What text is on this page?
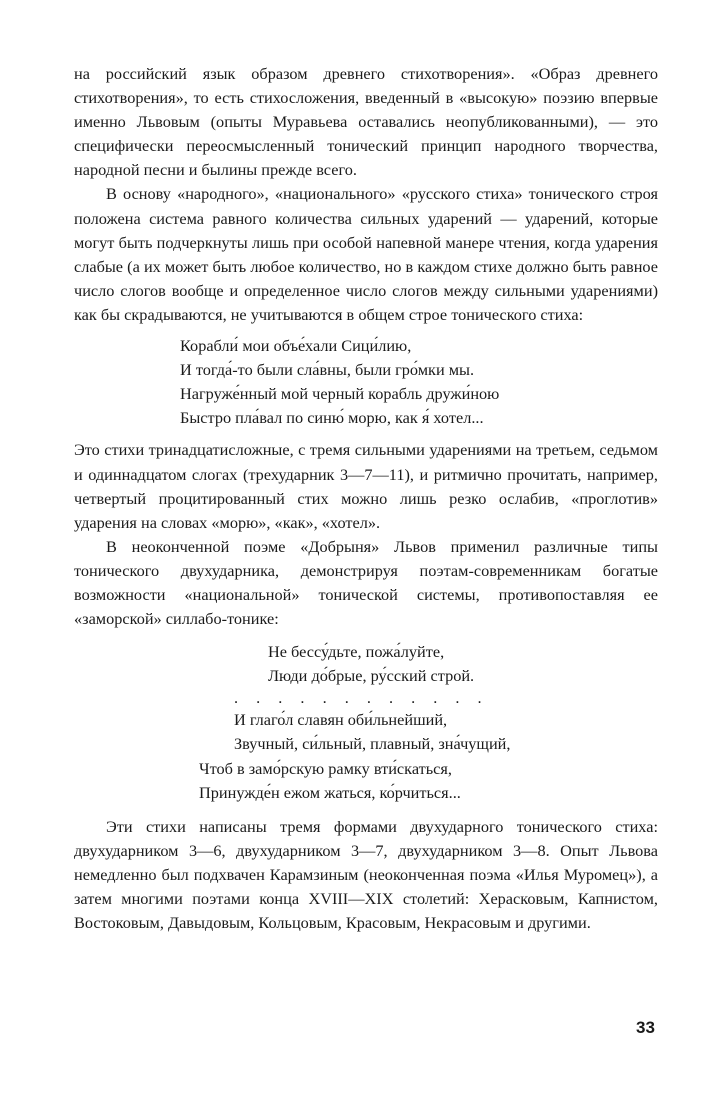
на российский язык образом древнего стихотворения». «Образ древнего стихотворения», то есть стихосложения, введенный в «высокую» поэзию впервые именно Львовым (опыты Муравьева оставались неопубликованными), — это специфически переосмысленный тонический принцип народного творчества, народной песни и былины прежде всего.

В основу «народного», «национального» «русского стиха» тонического строя положена система равного количества сильных ударений — ударений, которые могут быть подчеркнуты лишь при особой напевной манере чтения, когда ударения слабые (а их может быть любое количество, но в каждом стихе должно быть равное число слогов вообще и определенное число слогов между сильными ударениями) как бы скрадываются, не учитываются в общем строе тонического стиха:

Корабли́ мои объе́хали Сици́лию,
И тогда́-то были сла́вны, были гро́мки мы.
Нагруже́нный мой черный корабль дружи́ною
Быстро пла́вал по синю́ морю, как я́ хотел...

Это стихи тринадцатисложные, с тремя сильными ударениями на третьем, седьмом и одиннадцатом слогах (трехударник 3—7—11), и ритмично прочитать, например, четвертый процитированный стих можно лишь резко ослабив, «проглотив» ударения на словах «морю», «как», «хотел».

В неоконченной поэме «Добрыня» Львов применил различные типы тонического двухударника, демонстрируя поэтам-современникам богатые возможности «национальной» тонической системы, противопоставляя ее «заморской» силлабо-тонике:

Не бессу́дьте, пожа́луйте,
Люди до́брые, ру́сский строй.
. . . . . . . . . . . .
И глаго́л славян оби́льнейший,
Звучный, си́льный, плавный, зна́чущий,
Чтоб в замо́рскую рамку вти́скаться,
Принужде́н ежом жаться, ко́рчиться...

Эти стихи написаны тремя формами двухударного тонического стиха: двухударником 3—6, двухударником 3—7, двухударником 3—8. Опыт Львова немедленно был подхвачен Карамзиным (неоконченная поэма «Илья Муромец»), а затем многими поэтами конца XVIII—XIX столетий: Херасковым, Капнистом, Востоковым, Давыдовым, Кольцовым, Красовым, Некрасовым и другими.

33
